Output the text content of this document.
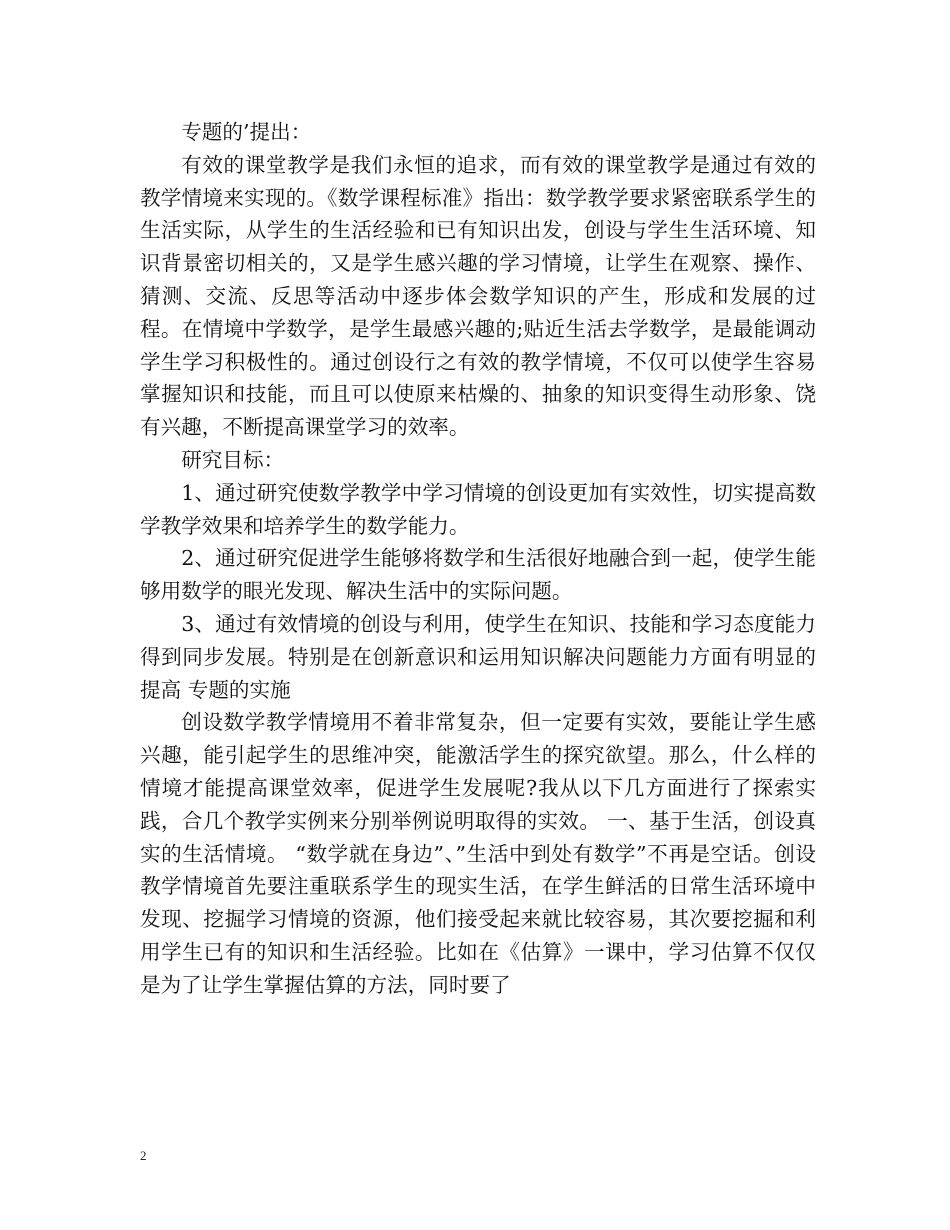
专题的’提出：

有效的课堂教学是我们永恒的追求，而有效的课堂教学是通过有效的教学情境来实现的。《数学课程标准》指出：数学教学要求紧密联系学生的生活实际，从学生的生活经验和已有知识出发，创设与学生生活环境、知识背景密切相关的，又是学生感兴趣的学习情境，让学生在观察、操作、猜测、交流、反思等活动中逐步体会数学知识的产生，形成和发展的过程。在情境中学数学，是学生最感兴趣的;贴近生活去学数学，是最能调动学生学习积极性的。通过创设行之有效的教学情境，不仅可以使学生容易掌握知识和技能，而且可以使原来枯燥的、抽象的知识变得生动形象、饶有兴趣，不断提高课堂学习的效率。

研究目标：

1、通过研究使数学教学中学习情境的创设更加有实效性，切实提高数学教学效果和培养学生的数学能力。

2、通过研究促进学生能够将数学和生活很好地融合到一起，使学生能够用数学的眼光发现、解决生活中的实际问题。

3、通过有效情境的创设与利用，使学生在知识、技能和学习态度能力得到同步发展。特别是在创新意识和运用知识解决问题能力方面有明显的提高 专题的实施

创设数学教学情境用不着非常复杂，但一定要有实效，要能让学生感兴趣，能引起学生的思维冲突，能激活学生的探究欲望。那么，什么样的情境才能提高课堂效率，促进学生发展呢?我从以下几方面进行了探索实践，合几个教学实例来分别举例说明取得的实效。 一、基于生活，创设真实的生活情境。 “数学就在身边”、”生活中到处有数学”不再是空话。创设教学情境首先要注重联系学生的现实生活，在学生鲜活的日常生活环境中发现、挖掘学习情境的资源，他们接受起来就比较容易，其次要挖掘和利用学生已有的知识和生活经验。比如在《估算》一课中，学习估算不仅仅是为了让学生掌握估算的方法，同时要了

2
